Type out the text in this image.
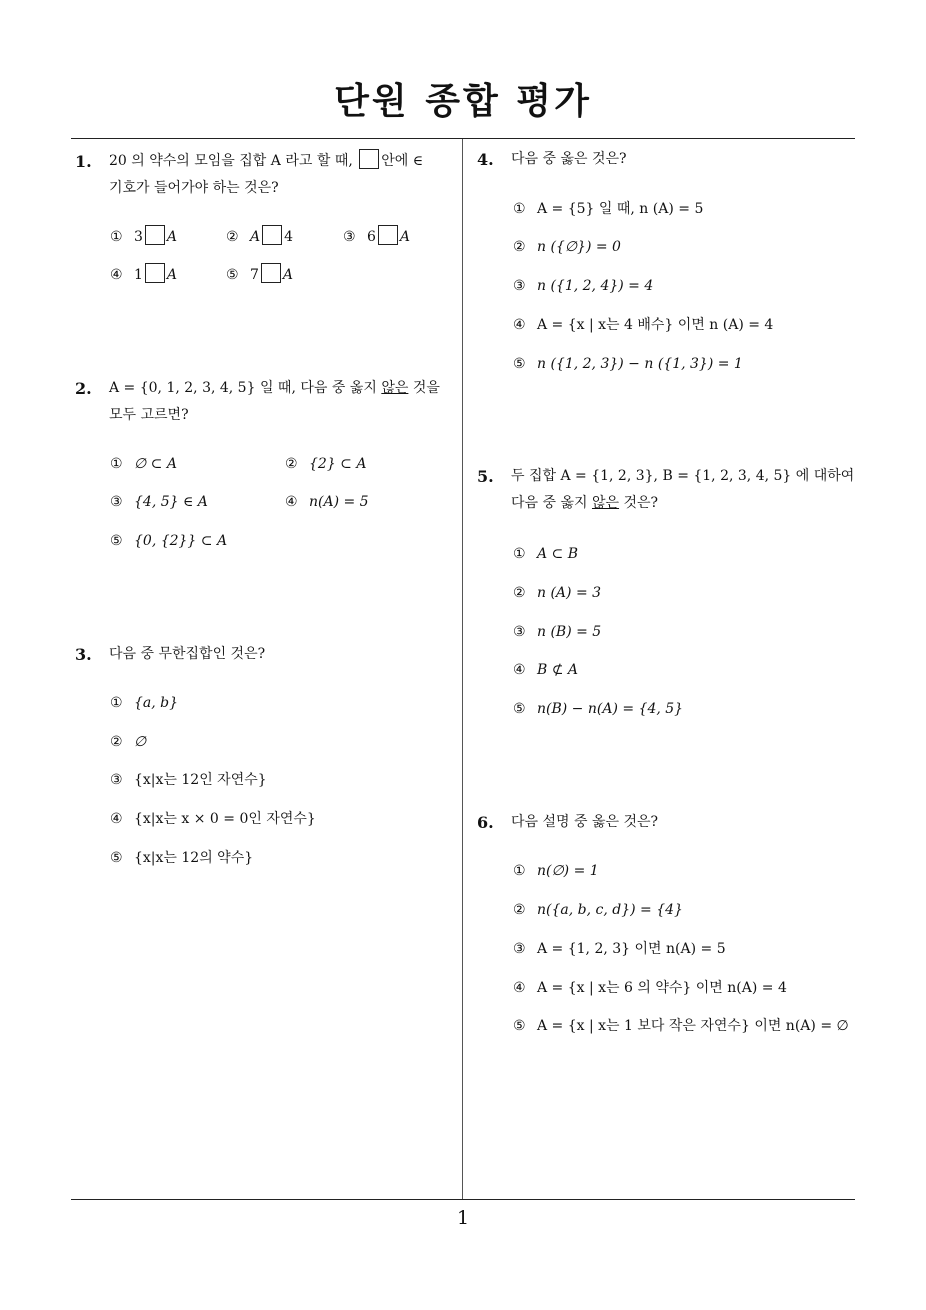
단원 종합 평가
1. 20 의 약수의 모임을 집합 A 라고 할 때, 안에 ∈
기호가 들어가야 하는 것은?
① 3 A	② A 4	③ 6 A
④ 1 A	⑤ 7 A
2. A = {0, 1, 2, 3, 4, 5} 일 때, 다음 중 옳지 않은 것을
모두 고르면?
① ∅ ⊂ A	② {2} ⊂ A
③ {4, 5} ∈ A	④ n(A) = 5
⑤ {0, {2}} ⊂ A
3. 다음 중 무한집합인 것은?
① {a, b}
② ∅
③ {x|x는 12인 자연수}
④ {x|x는 x × 0 = 0인 자연수}
⑤ {x|x는 12의 약수}
4. 다음 중 옳은 것은?
① A = {5} 일 때, n (A) = 5
② n ({∅}) = 0
③ n ({1, 2, 4}) = 4
④ A = {x | x는 4 배수} 이면 n (A) = 4
⑤ n ({1, 2, 3}) − n ({1, 3}) = 1
5. 두 집합 A = {1, 2, 3}, B = {1, 2, 3, 4, 5} 에 대하여
다음 중 옳지 않은 것은?
① A ⊂ B
② n (A) = 3
③ n (B) = 5
④ B ⊄ A
⑤ n(B) − n(A) = {4, 5}
6. 다음 설명 중 옳은 것은?
① n(∅) = 1
② n({a, b, c, d}) = {4}
③ A = {1, 2, 3} 이면 n(A) = 5
④ A = {x | x는 6 의 약수} 이면 n(A) = 4
⑤ A = {x | x는 1 보다 작은 자연수} 이면 n(A) = ∅
1
